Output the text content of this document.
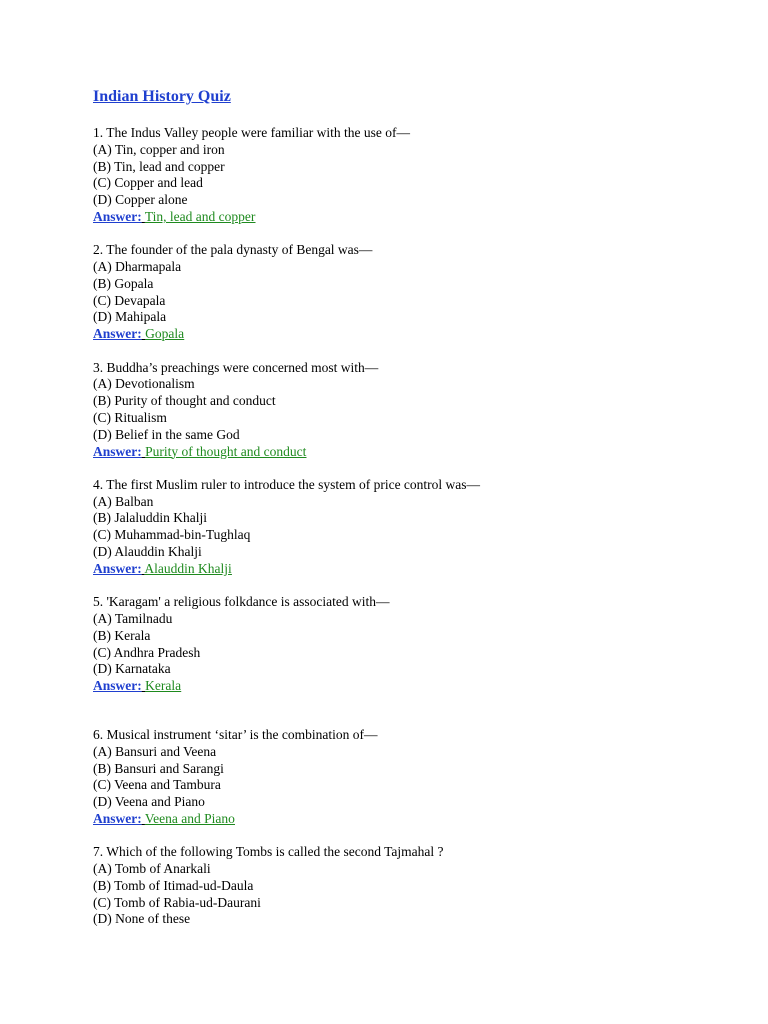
Indian History Quiz
1. The Indus Valley people were familiar with the use of—
(A) Tin, copper and iron
(B) Tin, lead and copper
(C) Copper and lead
(D) Copper alone
Answer: Tin, lead and copper
2. The founder of the pala dynasty of Bengal was—
(A) Dharmapala
(B) Gopala
(C) Devapala
(D) Mahipala
Answer: Gopala
3. Buddha’s preachings were concerned most with—
(A) Devotionalism
(B) Purity of thought and conduct
(C) Ritualism
(D) Belief in the same God
Answer: Purity of thought and conduct
4. The first Muslim ruler to introduce the system of price control was—
(A) Balban
(B) Jalaluddin Khalji
(C) Muhammad-bin-Tughlaq
(D) Alauddin Khalji
Answer: Alauddin Khalji
5. 'Karagam' a religious folkdance is associated with—
(A) Tamilnadu
(B) Kerala
(C) Andhra Pradesh
(D) Karnataka
Answer: Kerala
6. Musical instrument ‘sitar’ is the combination of—
(A) Bansuri and Veena
(B) Bansuri and Sarangi
(C) Veena and Tambura
(D) Veena and Piano
Answer: Veena and Piano
7. Which of the following Tombs is called the second Tajmahal ?
(A) Tomb of Anarkali
(B) Tomb of Itimad-ud-Daula
(C) Tomb of Rabia-ud-Daurani
(D) None of these
